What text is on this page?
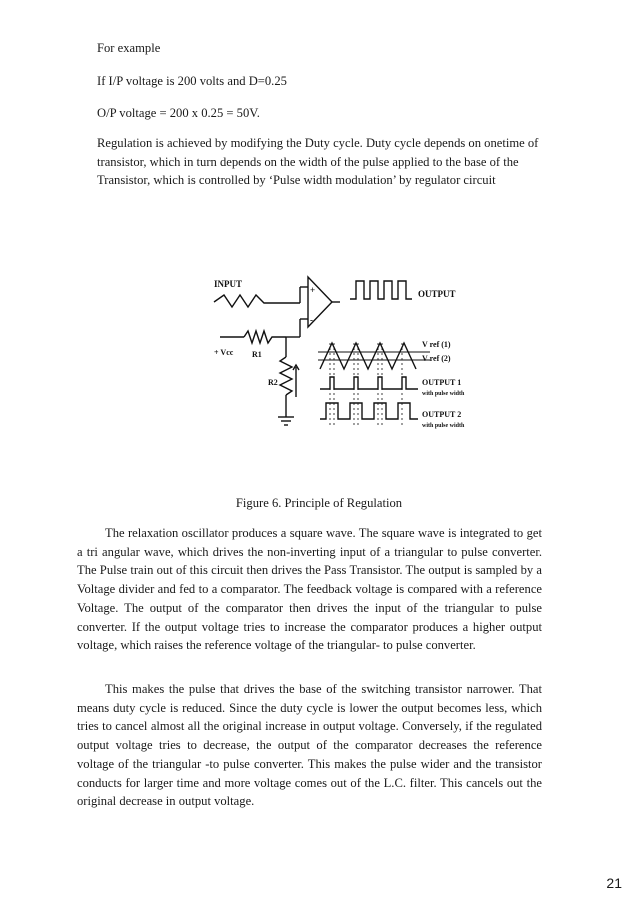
For example
If I/P voltage is 200 volts and D=0.25
O/P voltage = 200 x 0.25 = 50V.
Regulation is achieved by modifying the Duty cycle. Duty cycle depends on onetime of transistor, which in turn depends on the width of the pulse applied to the base of the Transistor, which is controlled by ‘Pulse width modulation’ by regulator circuit
INPUT
OUTPUT
+ Vcc R1
R2
+
-
V ref (1)
V ref (2)
OUTPUT 1
with pulse width
OUTPUT 2
with pulse width
Figure 6. Principle of Regulation
The relaxation oscillator produces a square wave. The square wave is integrated to get a tri angular wave, which drives the non-inverting input of a triangular to pulse converter. The Pulse train out of this circuit then drives the Pass Transistor. The output is sampled by a Voltage divider and fed to a comparator. The feedback voltage is compared with a reference Voltage. The output of the comparator then drives the input of the triangular to pulse converter. If the output voltage tries to increase the comparator produces a higher output voltage, which raises the reference voltage of the triangular- to pulse converter.
This makes the pulse that drives the base of the switching transistor narrower. That means duty cycle is reduced. Since the duty cycle is lower the output becomes less, which tries to cancel almost all the original increase in output voltage. Conversely, if the regulated output voltage tries to decrease, the output of the comparator decreases the reference voltage of the triangular -to pulse converter. This makes the pulse wider and the transistor conducts for larger time and more voltage comes out of the L.C. filter. This cancels out the original decrease in output voltage.
21
